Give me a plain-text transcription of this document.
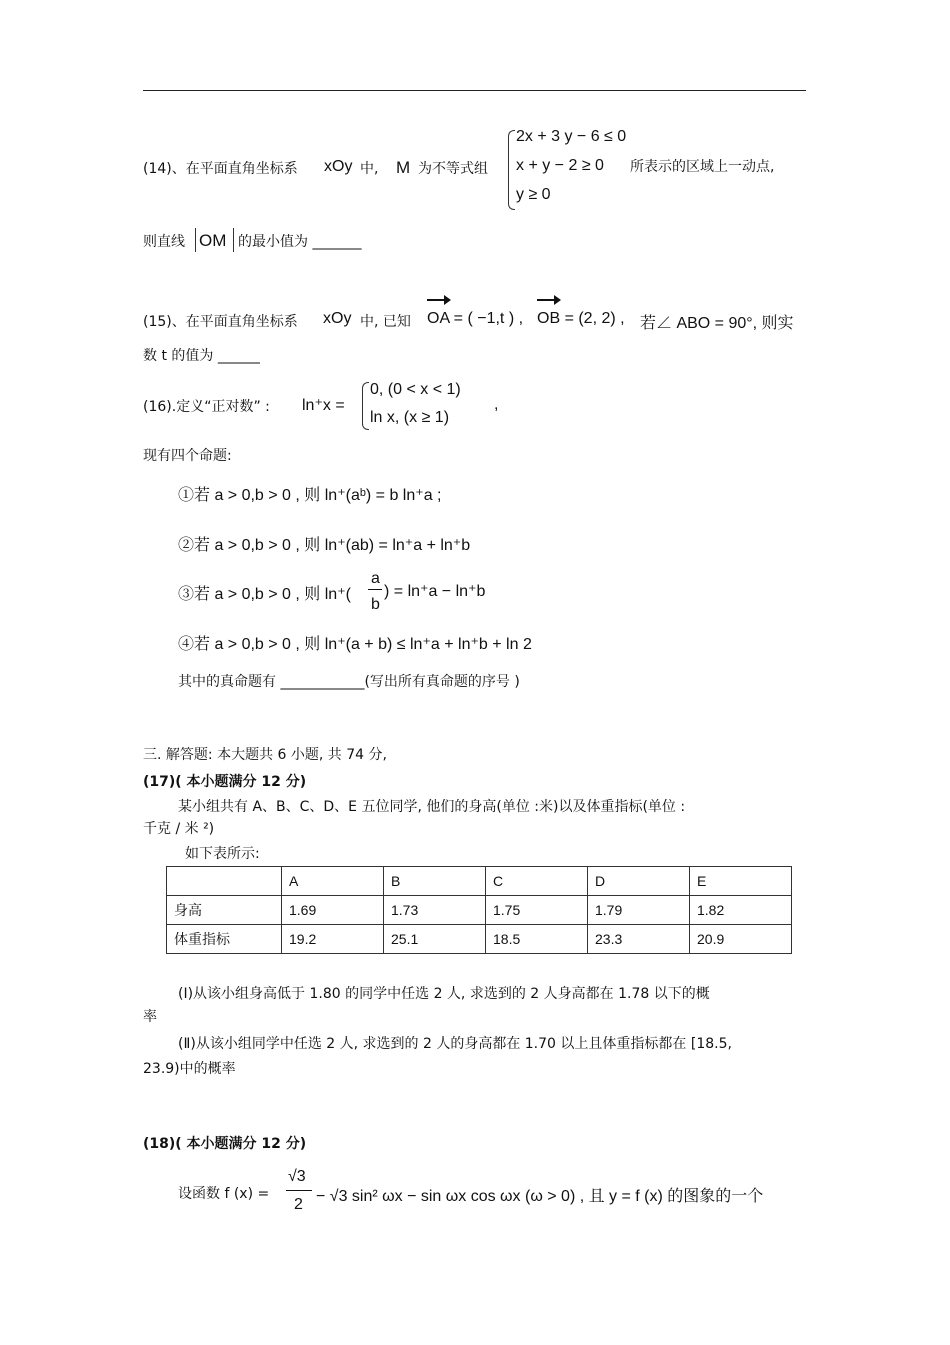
(14)、在平面直角坐标系 xOy 中, M 为不等式组
2x + 3 y − 6 ≤ 0
x + y − 2 ≥ 0
y ≥ 0
所表示的区域上一动点,
则直线 OM 的最小值为 _______
(15)、在平面直角坐标系 xOy 中, 已知 OA = ( −1,t ) , OB = (2, 2) , 若∠ ABO = 90°, 则实
数 t 的值为 ______
(16).定义“正对数” : ln⁺x =
0, (0 < x < 1)
ln x, (x ≥ 1)
,
现有四个命题:
①若 a > 0,b > 0 , 则 ln⁺(aᵇ) = b ln⁺a ;
②若 a > 0,b > 0 , 则 ln⁺(ab) = ln⁺a + ln⁺b
③若 a > 0,b > 0 , 则 ln⁺(
a
b
) = ln⁺a − ln⁺b
④若 a > 0,b > 0 , 则 ln⁺(a + b) ≤ ln⁺a + ln⁺b + ln 2
其中的真命题有 ____________(写出所有真命题的序号 )
三. 解答题: 本大题共 6 小题, 共 74 分,
(17)( 本小题满分 12 分)
某小组共有 A、B、C、D、E 五位同学, 他们的身高(单位 :米)以及体重指标(单位 :
千克 / 米 ²)
如下表所示:
	A	B	C	D	E
身高	1.69	1.73	1.75	1.79	1.82
体重指标	19.2	25.1	18.5	23.3	20.9
(Ⅰ)从该小组身高低于 1.80 的同学中任选 2 人, 求选到的 2 人身高都在 1.78 以下的概
率
(Ⅱ)从该小组同学中任选 2 人, 求选到的 2 人的身高都在 1.70 以上且体重指标都在 [18.5,
23.9)中的概率
(18)( 本小题满分 12 分)
设函数 f (x) =
√3
2 − √3 sin² ωx − sin ωx cos ωx (ω > 0) , 且 y = f (x) 的图象的一个
